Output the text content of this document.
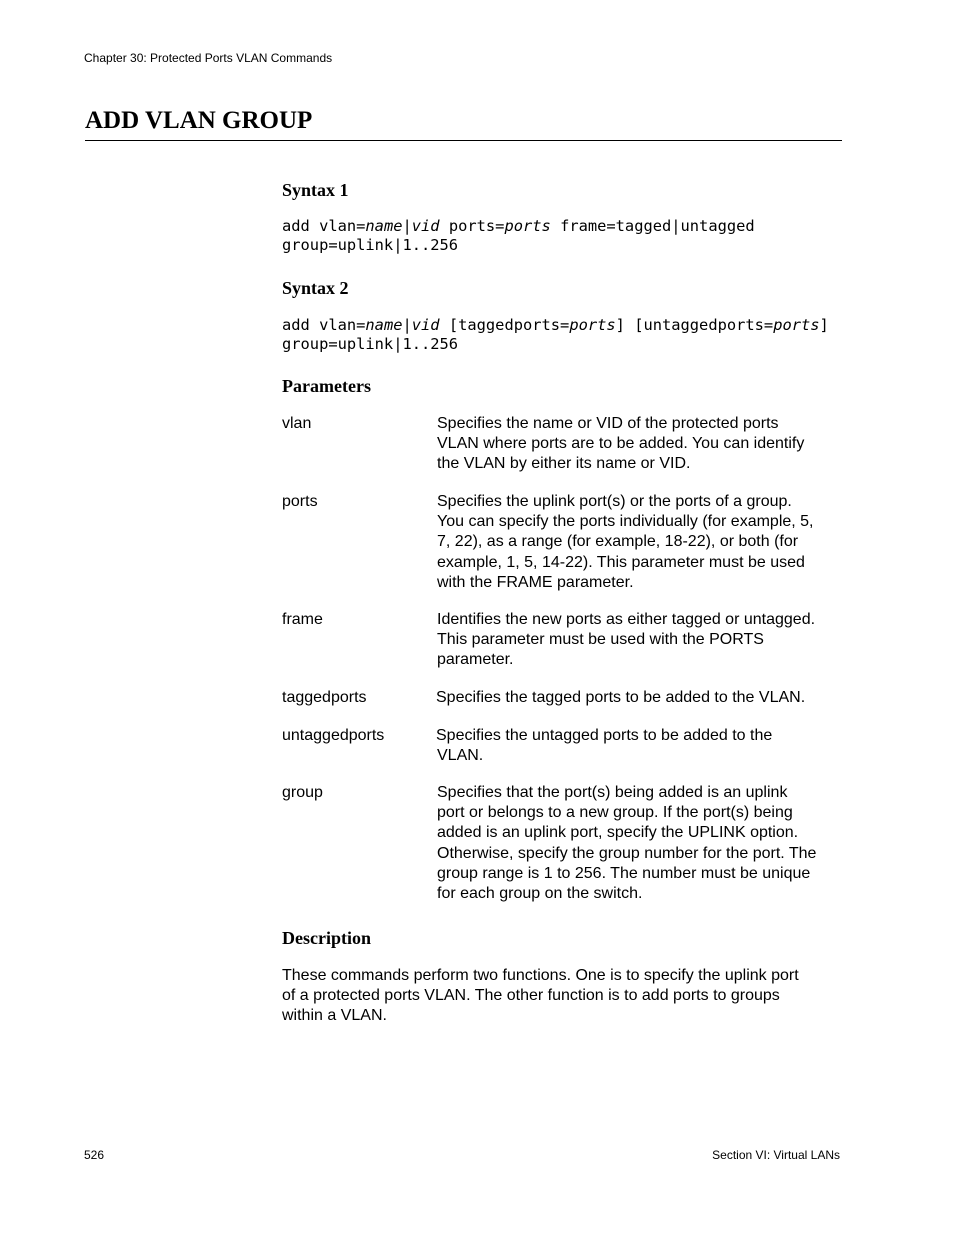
Chapter 30: Protected Ports VLAN Commands
ADD VLAN GROUP
Syntax 1
add vlan=name|vid ports=ports frame=tagged|untagged
group=uplink|1..256
Syntax 2
add vlan=name|vid [taggedports=ports] [untaggedports=ports]
group=uplink|1..256
Parameters
vlan	Specifies the name or VID of the protected ports
VLAN where ports are to be added. You can identify
the VLAN by either its name or VID.
ports	Specifies the uplink port(s) or the ports of a group.
You can specify the ports individually (for example, 5,
7, 22), as a range (for example, 18-22), or both (for
example, 1, 5, 14-22). This parameter must be used
with the FRAME parameter.
frame	Identifies the new ports as either tagged or untagged.
This parameter must be used with the PORTS
parameter.
taggedports	Specifies the tagged ports to be added to the VLAN.
untaggedports	Specifies the untagged ports to be added to the
VLAN.
group	Specifies that the port(s) being added is an uplink
port or belongs to a new group. If the port(s) being
added is an uplink port, specify the UPLINK option.
Otherwise, specify the group number for the port. The
group range is 1 to 256. The number must be unique
for each group on the switch.
Description
These commands perform two functions. One is to specify the uplink port
of a protected ports VLAN. The other function is to add ports to groups
within a VLAN.
526	Section VI: Virtual LANs
